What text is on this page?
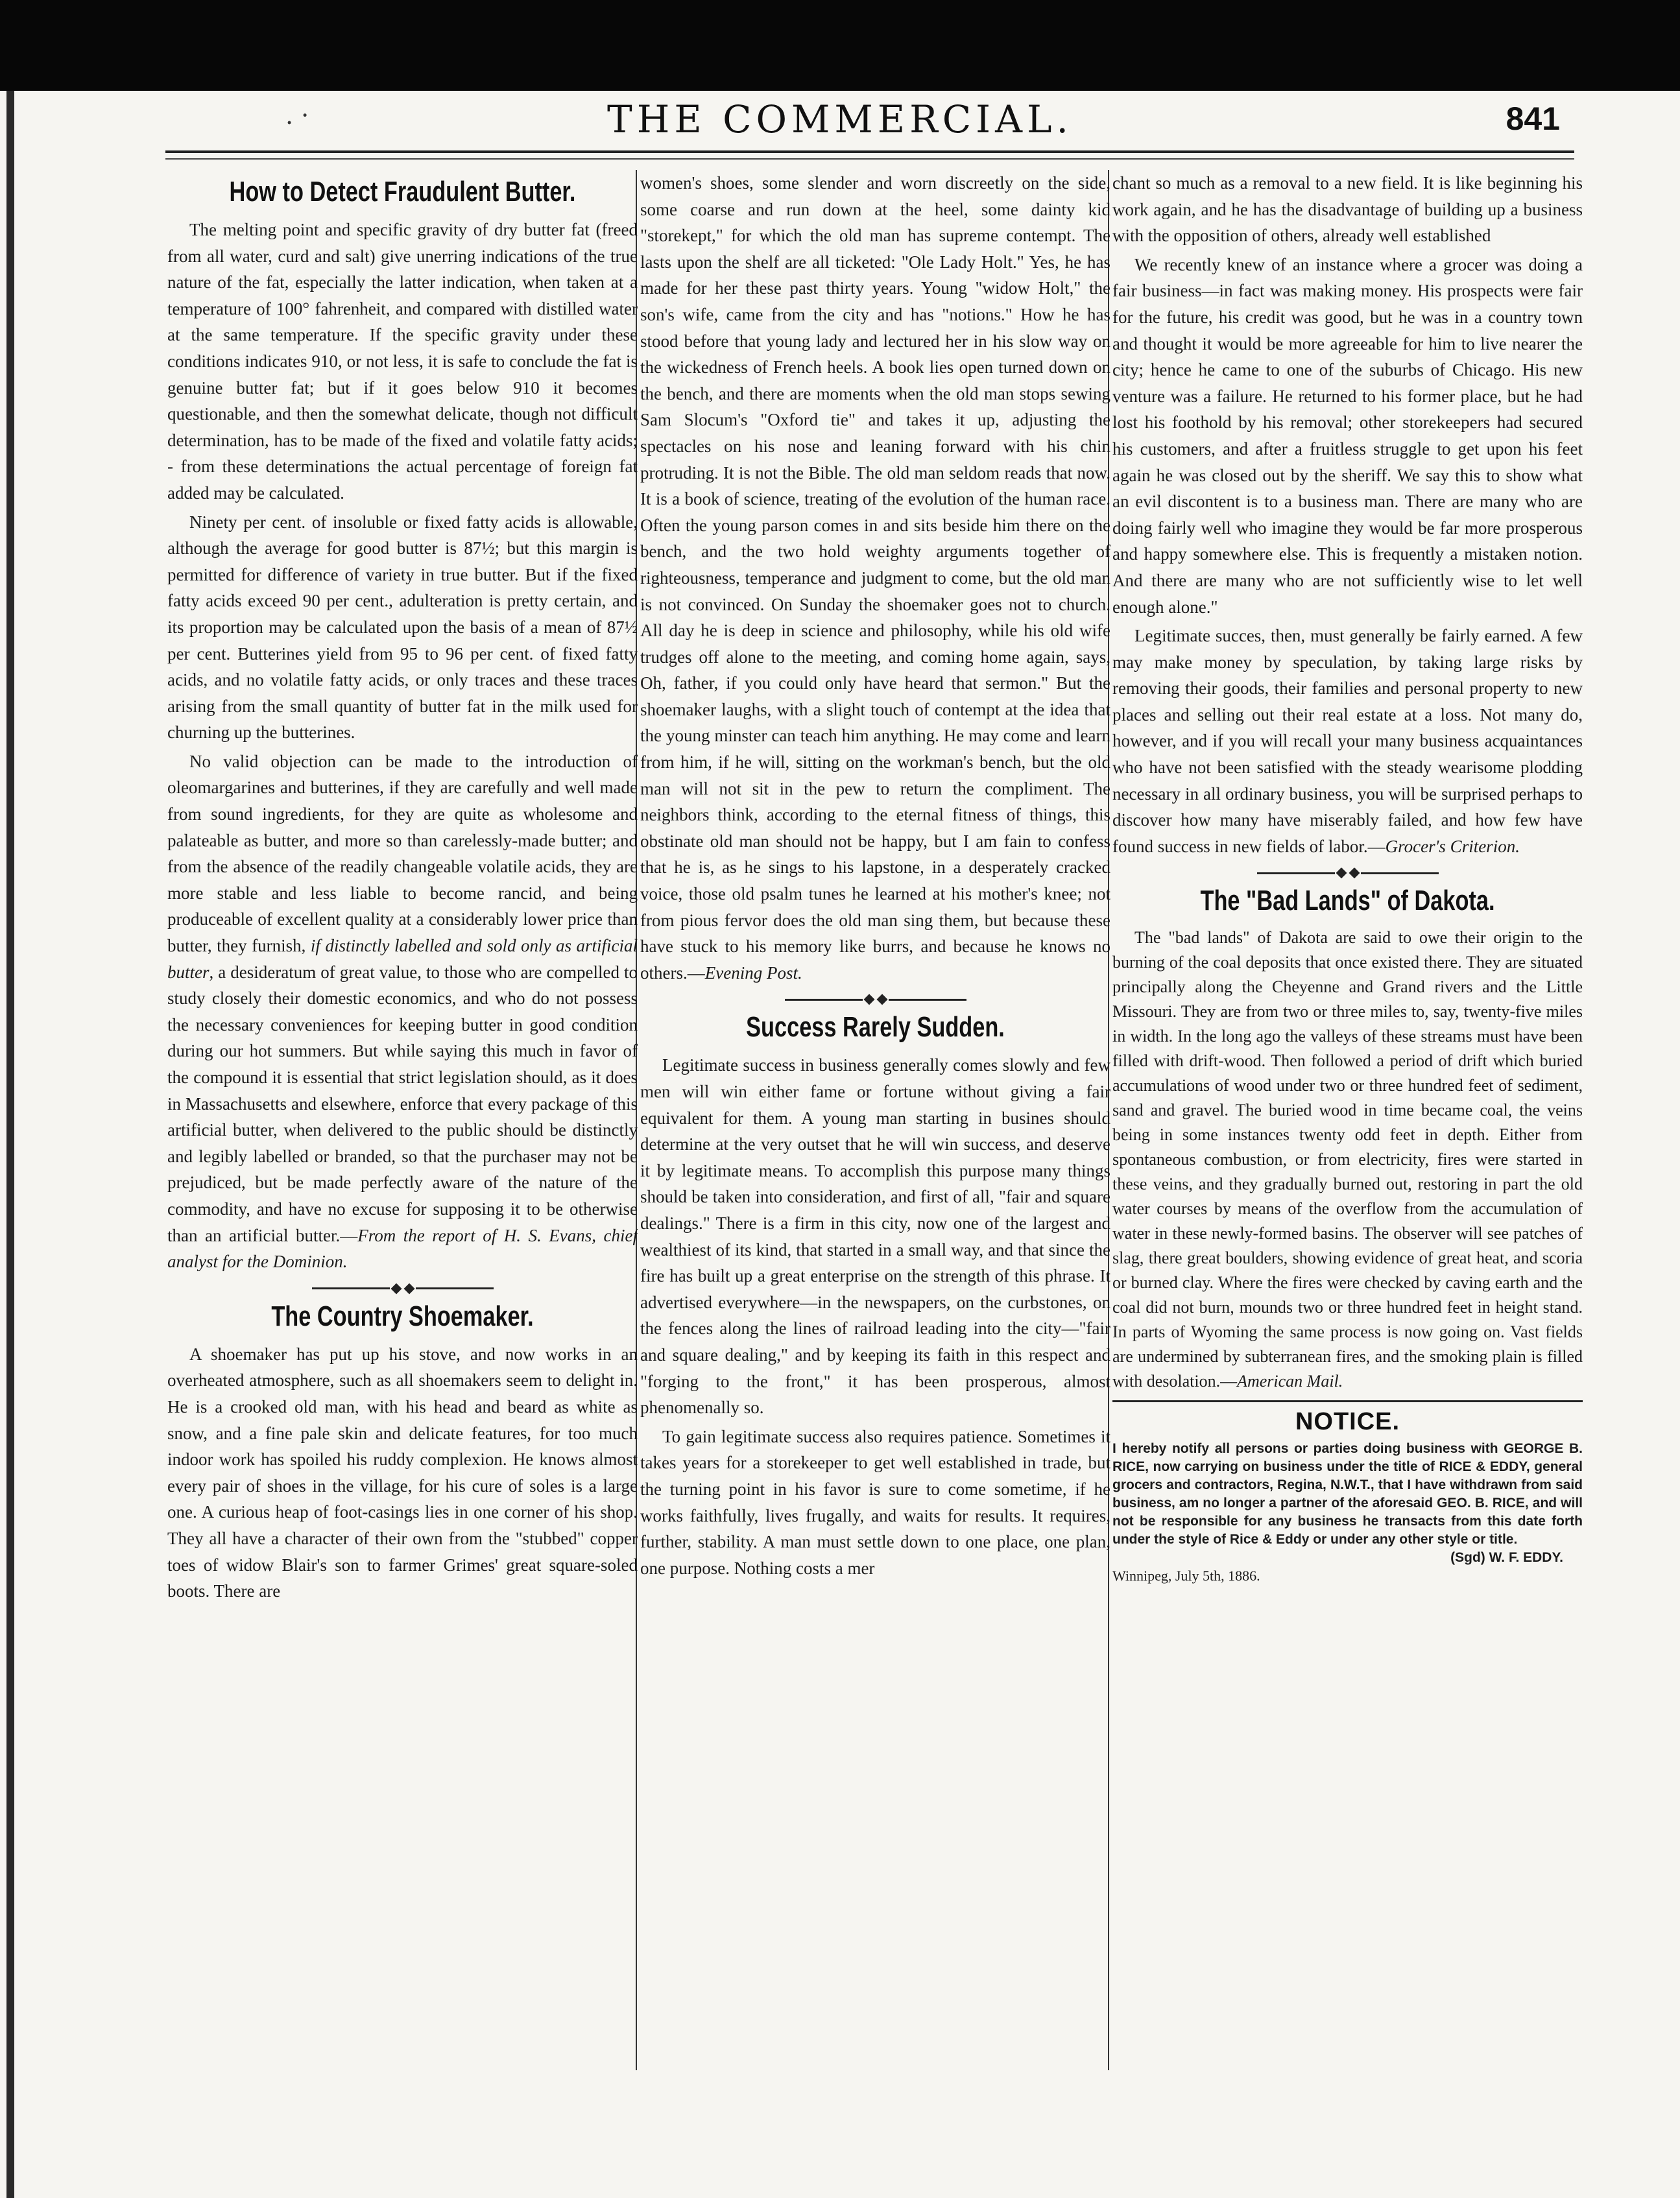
. ·	THE COMMERCIAL.	841
How to Detect Fraudulent Butter.

The melting point and specific gravity of dry butter fat (freed from all water, curd and salt) give unerring indications of the true nature of the fat, especially the latter indication, when taken at a temperature of 100° fahrenheit, and compared with distilled water at the same temperature. If the specific gravity under these conditions indicates 910, or not less, it is safe to conclude the fat is genuine butter fat; but if it goes below 910 it becomes questionable, and then the somewhat delicate, though not difficult determination, has to be made of the fixed and volatile fatty acids; - from these determinations the actual percentage of foreign fat added may be calculated.

Ninety per cent. of insoluble or fixed fatty acids is allowable, although the average for good butter is 87½; but this margin is permitted for difference of variety in true butter. But if the fixed fatty acids exceed 90 per cent., adulteration is pretty certain, and its proportion may be calculated upon the basis of a mean of 87½ per cent. Butterines yield from 95 to 96 per cent. of fixed fatty acids, and no volatile fatty acids, or only traces and these traces arising from the small quantity of butter fat in the milk used for churning up the butterines.

No valid objection can be made to the introduction of oleomargarines and butterines, if they are carefully and well made from sound ingredients, for they are quite as wholesome and palateable as butter, and more so than carelessly-made butter; and from the absence of the readily changeable volatile acids, they are more stable and less liable to become rancid, and being produceable of excellent quality at a considerably lower price than butter, they furnish, if distinctly labelled and sold only as artificial butter, a desideratum of great value, to those who are compelled to study closely their domestic economics, and who do not possess the necessary conveniences for keeping butter in good condition during our hot summers. But while saying this much in favor of the compound it is essential that strict legislation should, as it does in Massachusetts and elsewhere, enforce that every package of this artificial butter, when delivered to the public should be distinctly and legibly labelled or branded, so that the purchaser may not be prejudiced, but be made perfectly aware of the nature of the commodity, and have no excuse for supposing it to be otherwise than an artificial butter.—From the report of H. S. Evans, chief analyst for the Dominion.

The Country Shoemaker.

A shoemaker has put up his stove, and now works in an overheated atmosphere, such as all shoemakers seem to delight in. He is a crooked old man, with his head and beard as white as snow, and a fine pale skin and delicate features, for too much indoor work has spoiled his ruddy complexion. He knows almost every pair of shoes in the village, for his cure of soles is a large one. A curious heap of foot-casings lies in one corner of his shop. They all have a character of their own from the "stubbed" copper toes of widow Blair's son to farmer Grimes' great square-soled boots. There are

women's shoes, some slender and worn discreetly on the side, some coarse and run down at the heel, some dainty kid "storekept," for which the old man has supreme contempt. The lasts upon the shelf are all ticketed: "Ole Lady Holt." Yes, he has made for her these past thirty years. Young "widow Holt," the son's wife, came from the city and has "notions." How he has stood before that young lady and lectured her in his slow way on the wickedness of French heels. A book lies open turned down on the bench, and there are moments when the old man stops sewing Sam Slocum's "Oxford tie" and takes it up, adjusting the spectacles on his nose and leaning forward with his chin protruding. It is not the Bible. The old man seldom reads that now. It is a book of science, treating of the evolution of the human race. Often the young parson comes in and sits beside him there on the bench, and the two hold weighty arguments together of righteousness, temperance and judgment to come, but the old man is not convinced. On Sunday the shoemaker goes not to church. All day he is deep in science and philosophy, while his old wife trudges off alone to the meeting, and coming home again, says, Oh, father, if you could only have heard that sermon." But the shoemaker laughs, with a slight touch of contempt at the idea that the young minster can teach him anything. He may come and learn from him, if he will, sitting on the workman's bench, but the old man will not sit in the pew to return the compliment. The neighbors think, according to the eternal fitness of things, this obstinate old man should not be happy, but I am fain to confess that he is, as he sings to his lapstone, in a desperately cracked voice, those old psalm tunes he learned at his mother's knee; not from pious fervor does the old man sing them, but because these have stuck to his memory like burrs, and because he knows no others.—Evening Post.

Success Rarely Sudden.

Legitimate success in business generally comes slowly and few men will win either fame or fortune without giving a fair equivalent for them. A young man starting in busines should determine at the very outset that he will win success, and deserve it by legitimate means. To accomplish this purpose many things should be taken into consideration, and first of all, "fair and square dealings." There is a firm in this city, now one of the largest and wealthiest of its kind, that started in a small way, and that since the fire has built up a great enterprise on the strength of this phrase. It advertised everywhere—in the newspapers, on the curbstones, on the fences along the lines of railroad leading into the city—"fair and square dealing," and by keeping its faith in this respect and "forging to the front," it has been prosperous, almost phenomenally so.

To gain legitimate success also requires patience. Sometimes it takes years for a storekeeper to get well established in trade, but the turning point in his favor is sure to come sometime, if he works faithfully, lives frugally, and waits for results. It requires, further, stability. A man must settle down to one place, one plan, one purpose. Nothing costs a mer

chant so much as a removal to a new field. It is like beginning his work again, and he has the disadvantage of building up a business with the opposition of others, already well established

We recently knew of an instance where a grocer was doing a fair business—in fact was making money. His prospects were fair for the future, his credit was good, but he was in a country town and thought it would be more agreeable for him to live nearer the city; hence he came to one of the suburbs of Chicago. His new venture was a failure. He returned to his former place, but he had lost his foothold by his removal; other storekeepers had secured his customers, and after a fruitless struggle to get upon his feet again he was closed out by the sheriff. We say this to show what an evil discontent is to a business man. There are many who are doing fairly well who imagine they would be far more prosperous and happy somewhere else. This is frequently a mistaken notion. And there are many who are not sufficiently wise to let well enough alone."

Legitimate succes, then, must generally be fairly earned. A few may make money by speculation, by taking large risks by removing their goods, their families and personal property to new places and selling out their real estate at a loss. Not many do, however, and if you will recall your many business acquaintances who have not been satisfied with the steady wearisome plodding necessary in all ordinary business, you will be surprised perhaps to discover how many have miserably failed, and how few have found success in new fields of labor.—Grocer's Criterion.

The "Bad Lands" of Dakota.

The "bad lands" of Dakota are said to owe their origin to the burning of the coal deposits that once existed there. They are situated principally along the Cheyenne and Grand rivers and the Little Missouri. They are from two or three miles to, say, twenty-five miles in width. In the long ago the valleys of these streams must have been filled with drift-wood. Then followed a period of drift which buried accumulations of wood under two or three hundred feet of sediment, sand and gravel. The buried wood in time became coal, the veins being in some instances twenty odd feet in depth. Either from spontaneous combustion, or from electricity, fires were started in these veins, and they gradually burned out, restoring in part the old water courses by means of the overflow from the accumulation of water in these newly-formed basins. The observer will see patches of slag, there great boulders, showing evidence of great heat, and scoria or burned clay. Where the fires were checked by caving earth and the coal did not burn, mounds two or three hundred feet in height stand. In parts of Wyoming the same process is now going on. Vast fields are undermined by subterranean fires, and the smoking plain is filled with desolation.—American Mail.

NOTICE.

I hereby notify all persons or parties doing business with GEORGE B. RICE, now carrying on business under the title of RICE & EDDY, general grocers and contractors, Regina, N.W.T., that I have withdrawn from said business, am no longer a partner of the aforesaid GEO. B. RICE, and will not be responsible for any business he transacts from this date forth under the style of Rice & Eddy or under any other style or title.

(Sgd) W. F. EDDY.

Winnipeg, July 5th, 1886.
